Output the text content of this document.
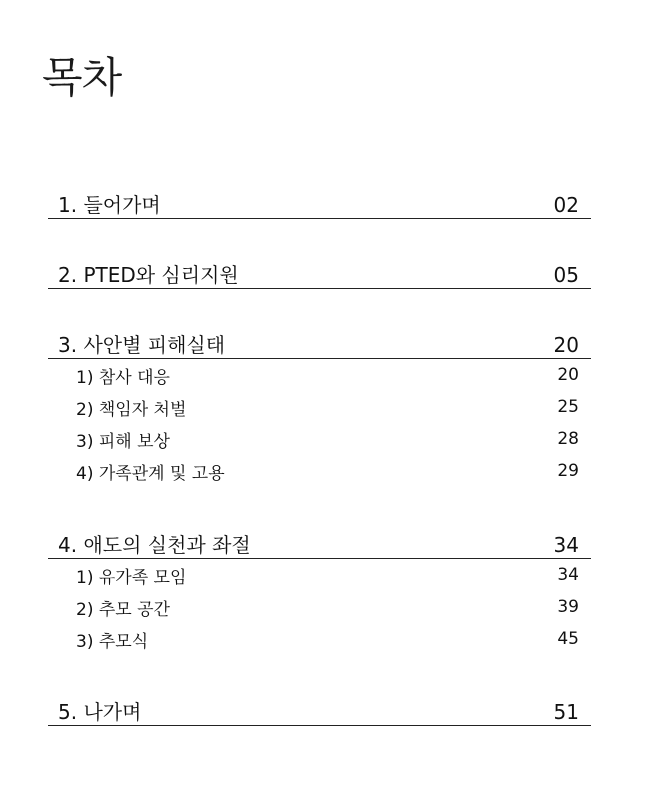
목차
1. 들어가며	02
2. PTED와 심리지원	05
3. 사안별 피해실태	20
1) 참사 대응	20
2) 책임자 처벌	25
3) 피해 보상	28
4) 가족관계 및 고용	29
4. 애도의 실천과 좌절	34
1) 유가족 모임	34
2) 추모 공간	39
3) 추모식	45
5. 나가며	51
